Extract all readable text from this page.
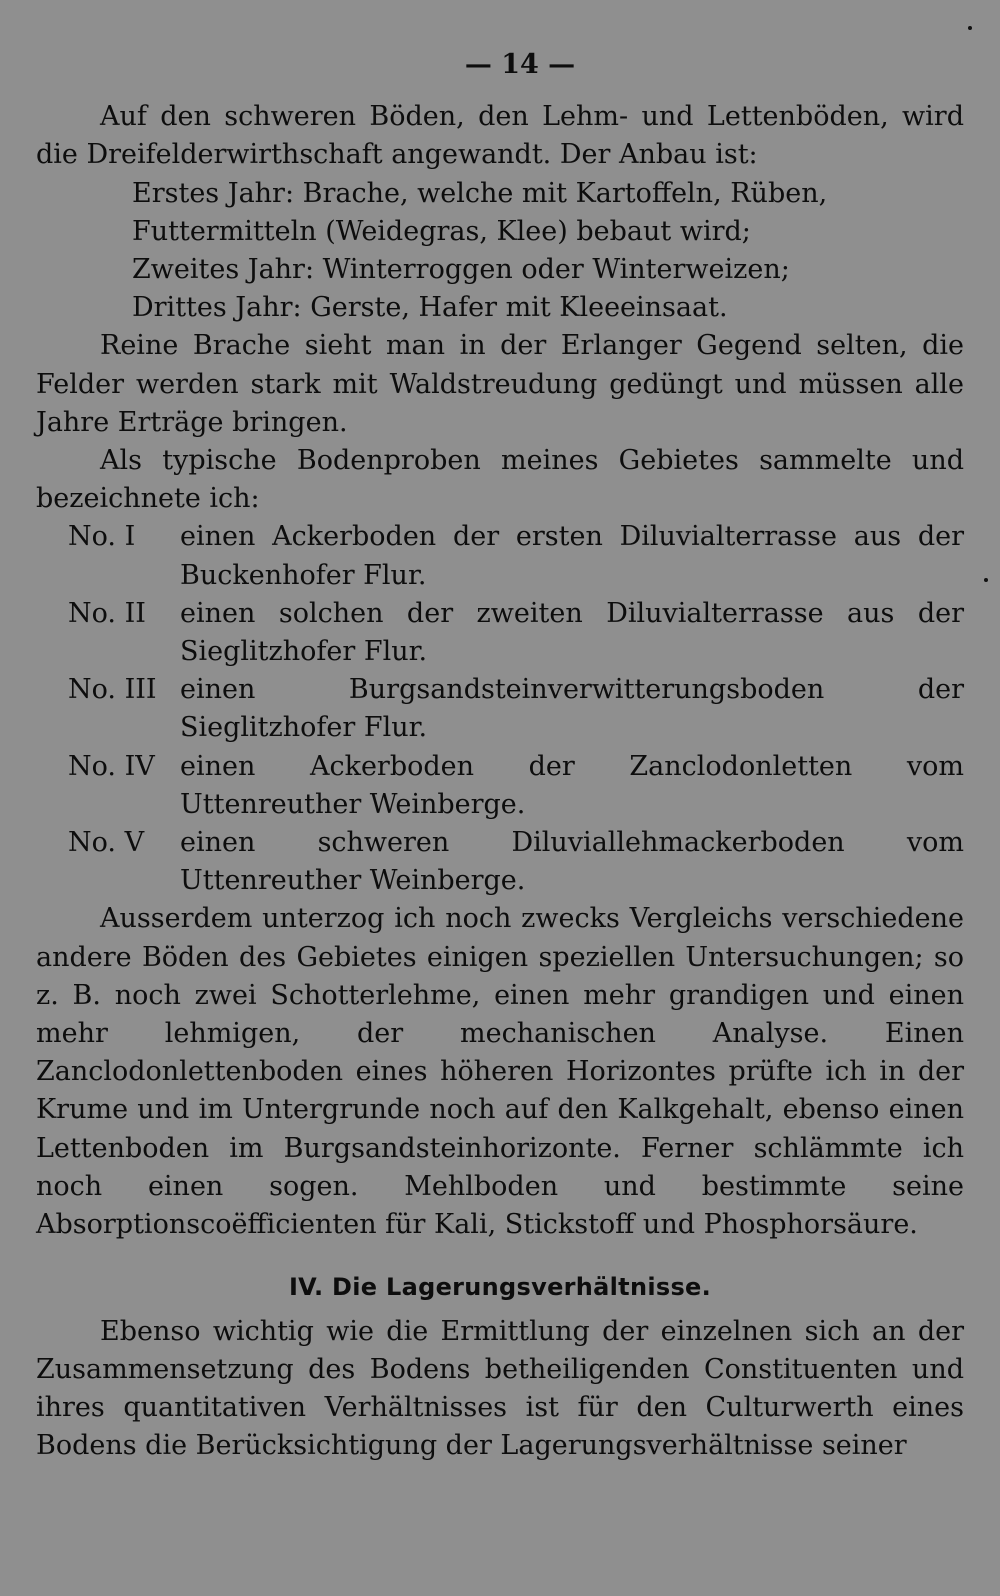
— 14 —

Auf den schweren Böden, den Lehm- und Lettenböden, wird die Dreifelderwirthschaft angewandt. Der Anbau ist:

Erstes Jahr: Brache, welche mit Kartoffeln, Rüben, Futtermitteln (Weidegras, Klee) bebaut wird;

Zweites Jahr: Winterroggen oder Winterweizen;

Drittes Jahr: Gerste, Hafer mit Kleeeinsaat.

Reine Brache sieht man in der Erlanger Gegend selten, die Felder werden stark mit Waldstreudung gedüngt und müssen alle Jahre Erträge bringen.

Als typische Bodenproben meines Gebietes sammelte und bezeichnete ich:

No. I	einen Ackerboden der ersten Diluvialterrasse aus der Buckenhofer Flur.
No. II	einen solchen der zweiten Diluvialterrasse aus der Sieglitzhofer Flur.
No. III einen Burgsandsteinverwitterungsboden der Sieglitzhofer Flur.
No. IV einen Ackerboden der Zanclodonletten vom Uttenreuther Weinberge.
No. V	einen schweren Diluviallehmackerboden vom Uttenreuther Weinberge.

Ausserdem unterzog ich noch zwecks Vergleichs verschiedene andere Böden des Gebietes einigen speziellen Untersuchungen; so z. B. noch zwei Schotterlehme, einen mehr grandigen und einen mehr lehmigen, der mechanischen Analyse. Einen Zanclodonlettenboden eines höheren Horizontes prüfte ich in der Krume und im Untergrunde noch auf den Kalkgehalt, ebenso einen Lettenboden im Burgsandsteinhorizonte. Ferner schlämmte ich noch einen sogen. Mehlboden und bestimmte seine Absorptionscoëfficienten für Kali, Stickstoff und Phosphorsäure.

IV. Die Lagerungsverhältnisse.

Ebenso wichtig wie die Ermittlung der einzelnen sich an der Zusammensetzung des Bodens betheiligenden Constituenten und ihres quantitativen Verhältnisses ist für den Culturwerth eines Bodens die Berücksichtigung der Lagerungsverhältnisse seiner
